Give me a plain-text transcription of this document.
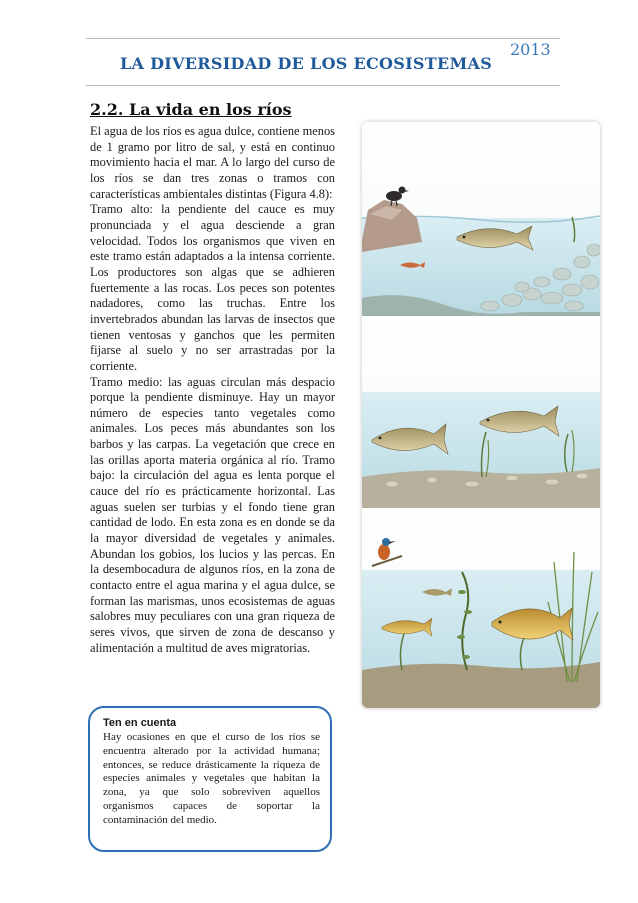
LA DIVERSIDAD DE LOS ECOSISTEMAS
2013
2.2. La vida en los ríos

El agua de los ríos es agua dulce, contiene menos de 1 gramo por litro de sal, y está en continuo movimiento hacia el mar. A lo largo del curso de los ríos se dan tres zonas o tramos con características ambientales distintas (Figura 4.8):

Tramo alto: la pendiente del cauce es muy pronunciada y el agua desciende a gran velocidad. Todos los organismos que viven en este tramo están adaptados a la intensa corriente. Los productores son algas que se adhieren fuertemente a las rocas. Los peces son potentes nadadores, como las truchas. Entre los invertebrados abundan las larvas de insectos que tienen ventosas y ganchos que les permiten fijarse al suelo y no ser arrastradas por la corriente.

Tramo medio: las aguas circulan más despacio porque la pendiente disminuye. Hay un mayor número de especies tanto vegetales como animales. Los peces más abundantes son los barbos y las carpas. La vegetación que crece en las orillas aporta materia orgánica al río. Tramo bajo: la circulación del agua es lenta porque el cauce del río es prácticamente horizontal. Las aguas suelen ser turbias y el fondo tiene gran cantidad de lodo. En esta zona es en donde se da la mayor diversidad de vegetales y animales. Abundan los gobios, los lucios y las percas. En la desembocadura de algunos ríos, en la zona de contacto entre el agua marina y el agua dulce, se forman las marismas, unos ecosistemas de aguas salobres muy peculiares con una gran riqueza de seres vivos, que sirven de zona de descanso y alimentación a multitud de aves migratorias.

Ten en cuenta
Hay ocasiones en que el curso de los ríos se encuentra alterado por la actividad humana; entonces, se reduce drásticamente la riqueza de especies animales y vegetales que habitan la zona, ya que solo sobreviven aquellos organismos capaces de soportar la contaminación del medio.
